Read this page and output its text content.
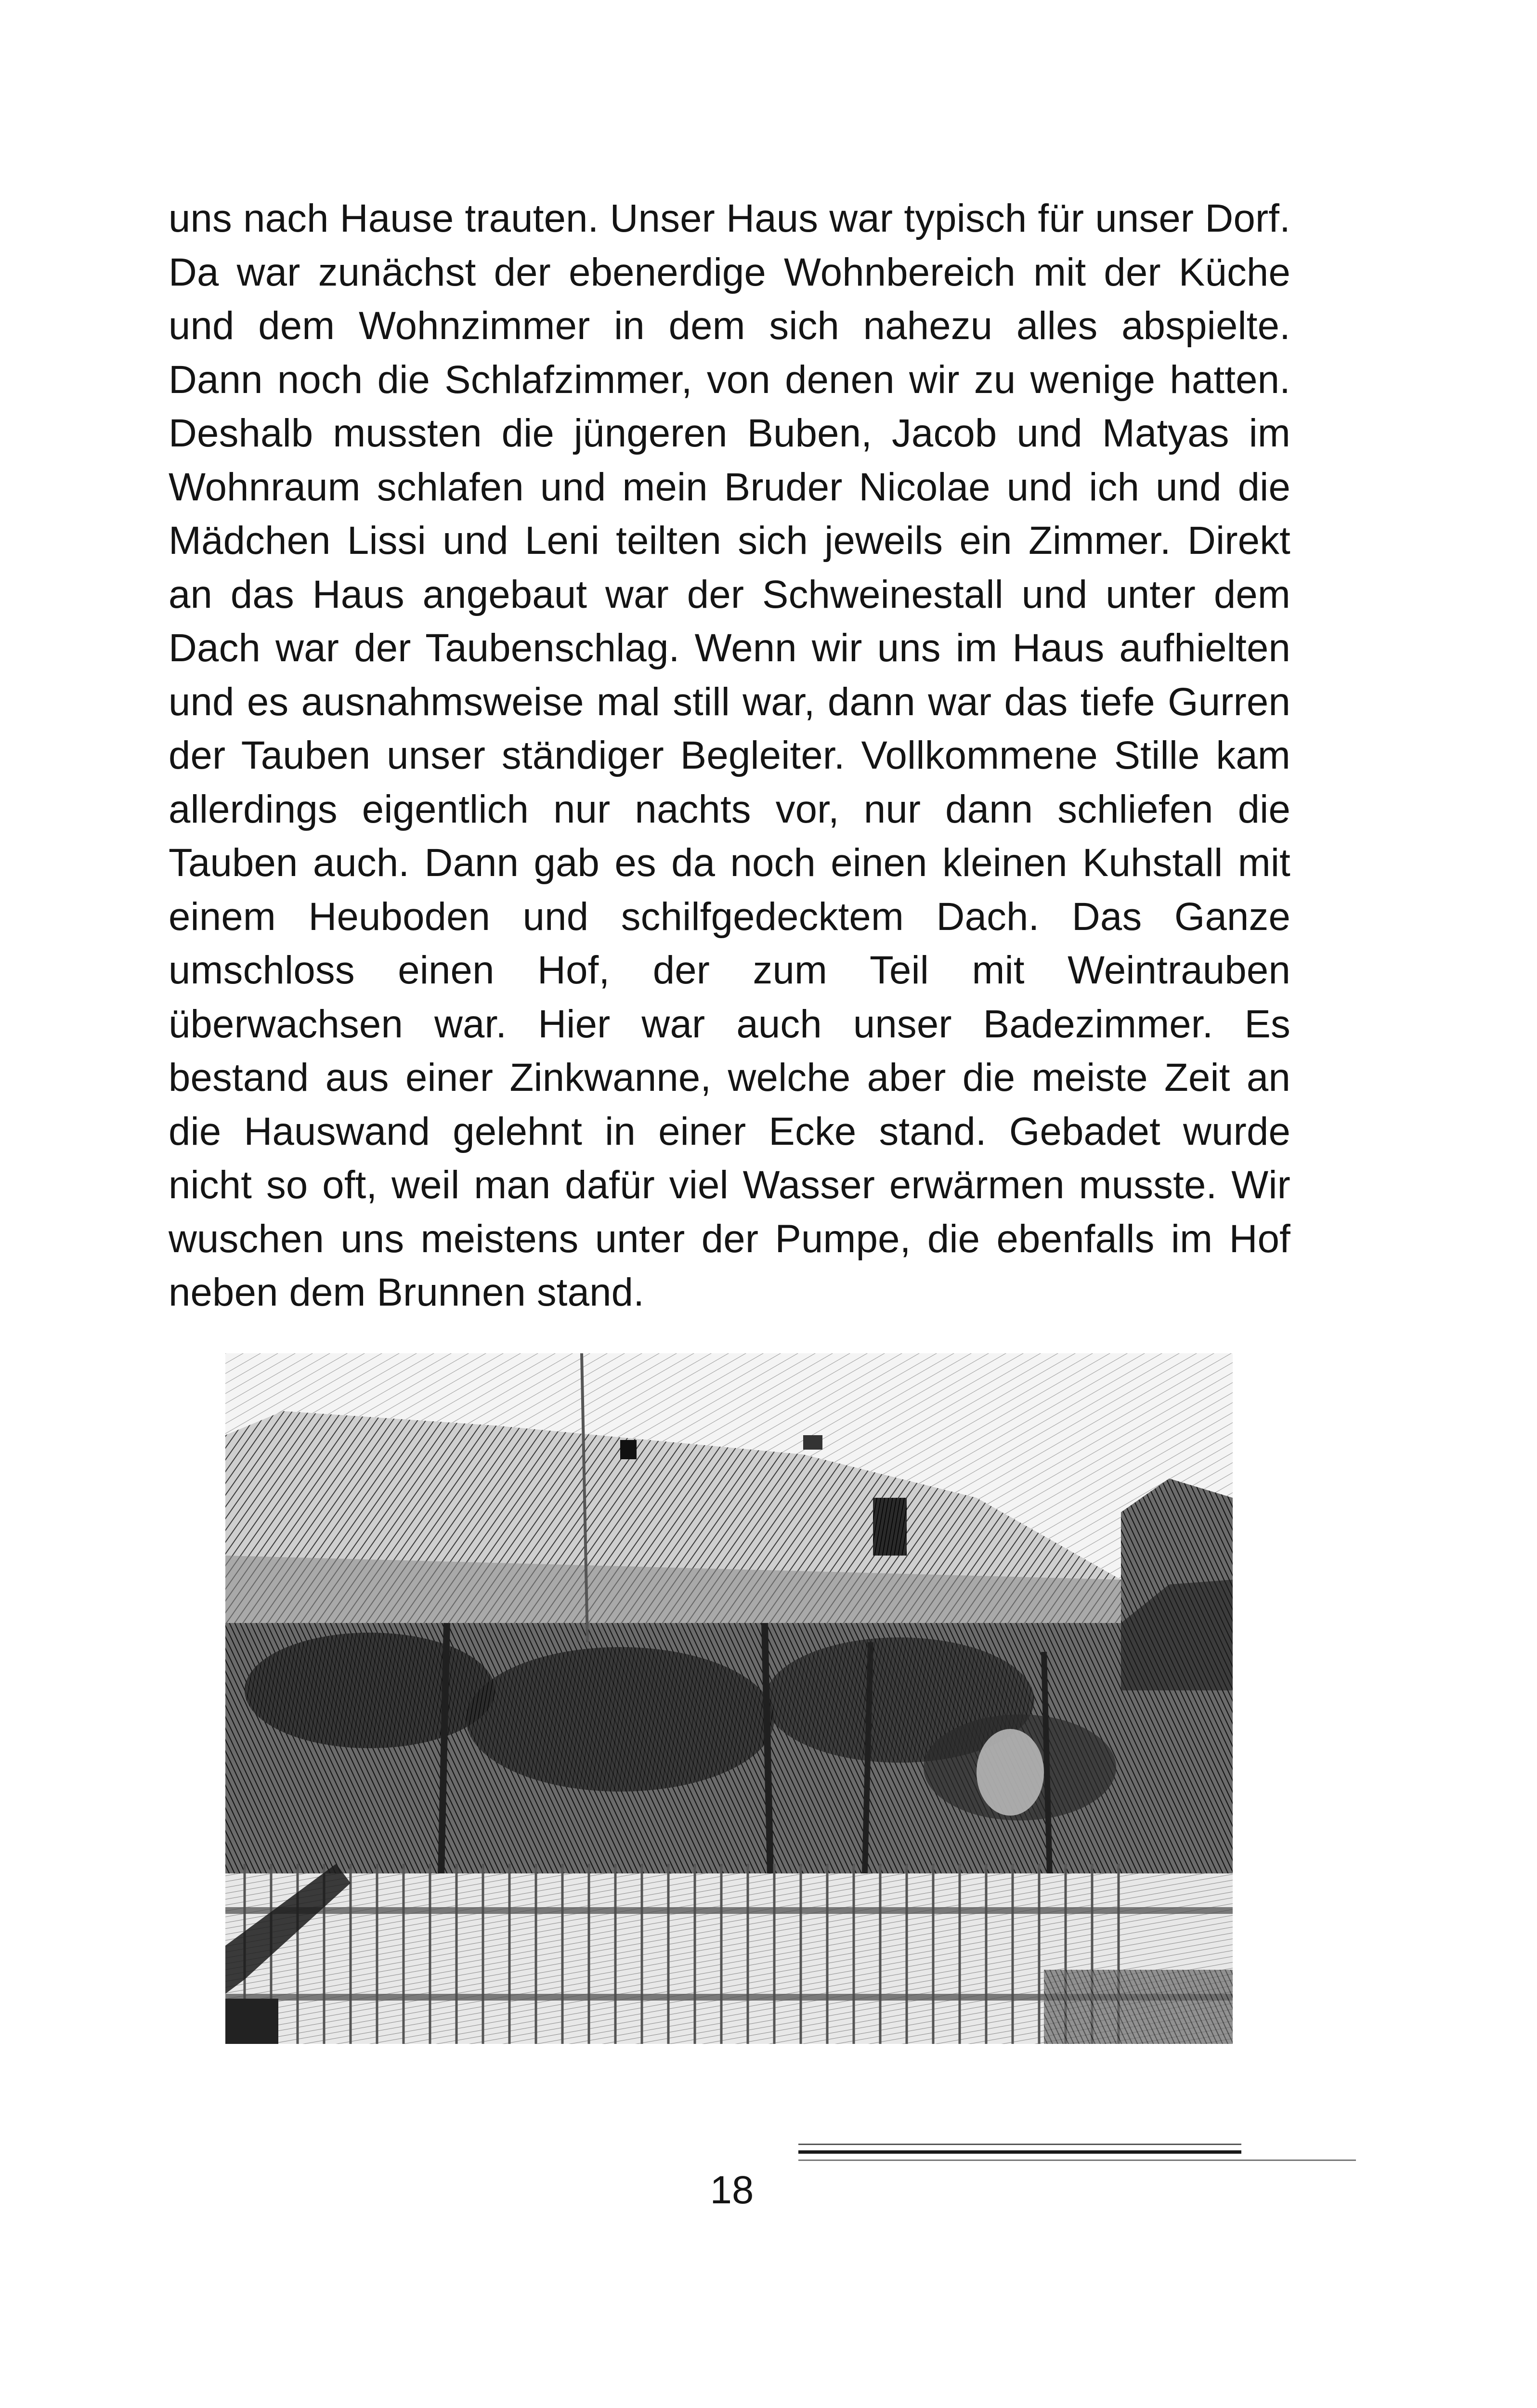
uns nach Hause trauten. Unser Haus war typisch für unser Dorf. Da war zunächst der ebenerdige Wohnbereich mit der Küche und dem Wohnzimmer in dem sich nahezu alles abspielte. Dann noch die Schlafzimmer, von denen wir zu wenige hatten. Deshalb mussten die jüngeren Buben, Jacob und Matyas im Wohnraum schlafen und mein Bruder Nicolae und ich und die Mädchen Lissi und Leni teilten sich jeweils ein Zimmer. Direkt an das Haus angebaut war der Schweinestall und unter dem Dach war der Taubenschlag. Wenn wir uns im Haus aufhielten und es ausnahmsweise mal still war, dann war das tiefe Gurren der Tauben unser ständiger Begleiter. Vollkommene Stille kam allerdings eigentlich nur nachts vor, nur dann schliefen die Tauben auch. Dann gab es da noch einen kleinen Kuhstall mit einem Heuboden und schilfgedecktem Dach. Das Ganze umschloss einen Hof, der zum Teil mit Weintrauben überwachsen war. Hier war auch unser Badezimmer. Es bestand aus einer Zinkwanne, welche aber die meiste Zeit an die Hauswand gelehnt in einer Ecke stand. Gebadet wurde nicht so oft, weil man dafür viel Wasser erwärmen musste. Wir wuschen uns meistens unter der Pumpe, die ebenfalls im Hof neben dem Brunnen stand.

18
